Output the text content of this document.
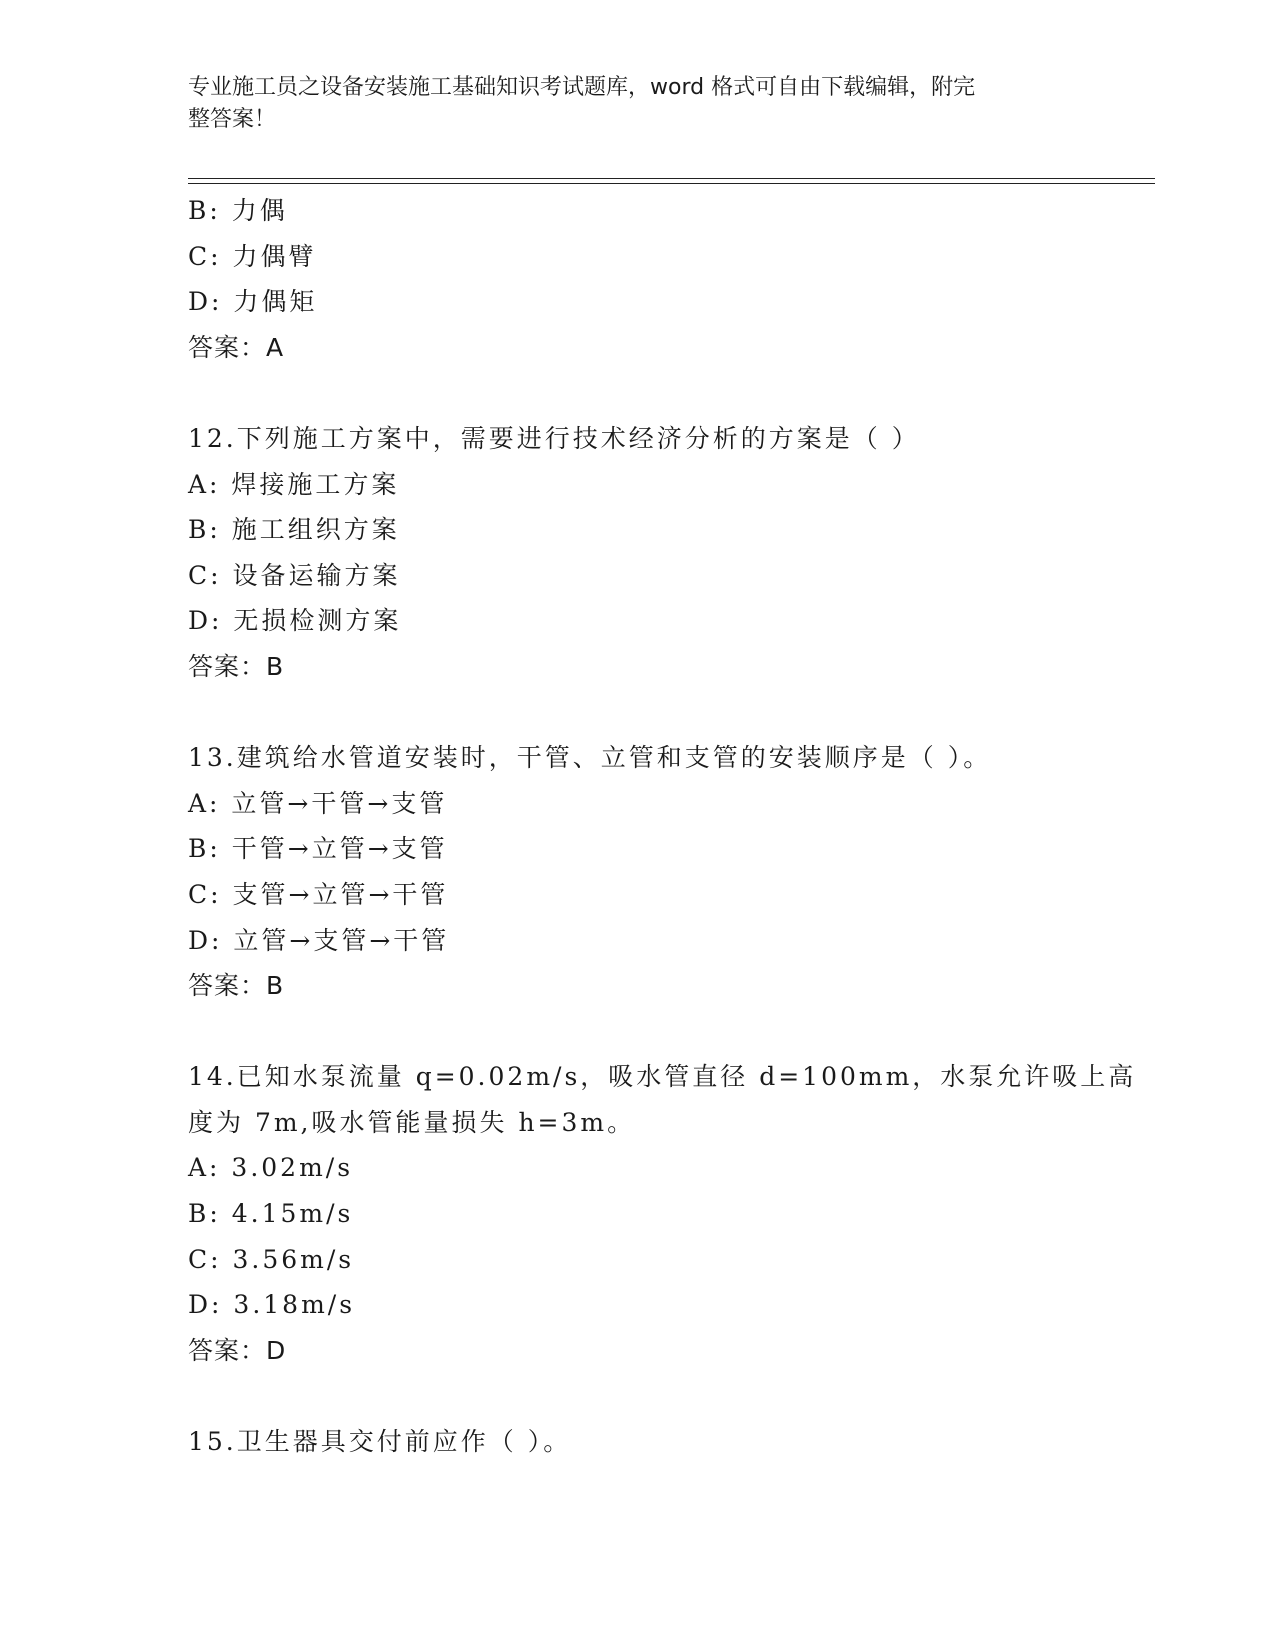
专业施工员之设备安装施工基础知识考试题库，word 格式可自由下载编辑，附完
整答案！
B: 力偶
C: 力偶臂
D: 力偶矩
答案：A
12.下列施工方案中，需要进行技术经济分析的方案是（ ）
A: 焊接施工方案
B: 施工组织方案
C: 设备运输方案
D: 无损检测方案
答案：B
13.建筑给水管道安装时，干管、立管和支管的安装顺序是（ ）。
A: 立管→干管→支管
B: 干管→立管→支管
C: 支管→立管→干管
D: 立管→支管→干管
答案：B
14.已知水泵流量 q=0.02m/s，吸水管直径 d=100mm，水泵允许吸上高
度为 7m,吸水管能量损失 h=3m。
A: 3.02m/s
B: 4.15m/s
C: 3.56m/s
D: 3.18m/s
答案：D
15.卫生器具交付前应作（ ）。
